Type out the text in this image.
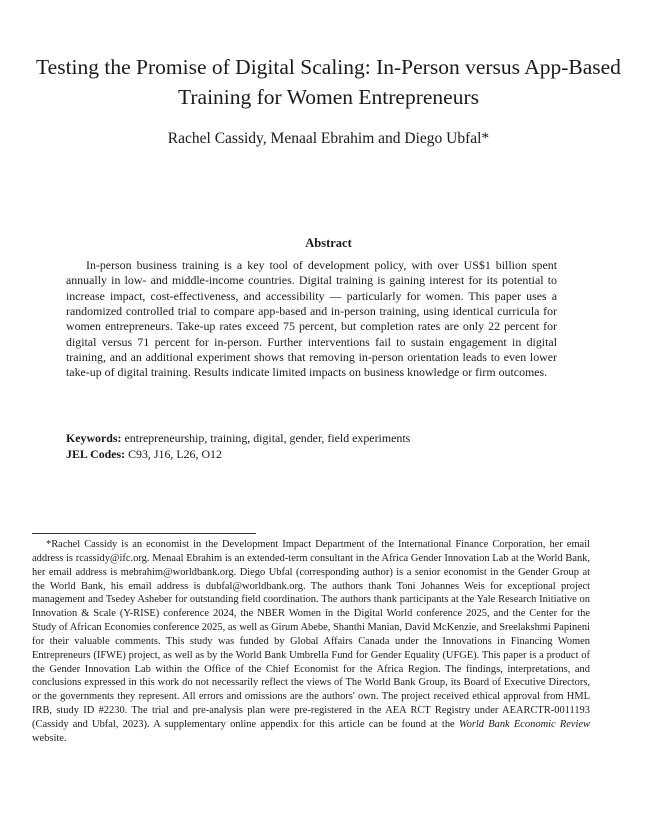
Testing the Promise of Digital Scaling: In-Person versus App-Based Training for Women Entrepreneurs
Rachel Cassidy, Menaal Ebrahim and Diego Ubfal*
Abstract

In-person business training is a key tool of development policy, with over US$1 billion spent annually in low- and middle-income countries. Digital training is gaining interest for its potential to increase impact, cost-effectiveness, and accessibility — particularly for women. This paper uses a randomized controlled trial to compare app-based and in-person training, using identical curricula for women entrepreneurs. Take-up rates exceed 75 percent, but completion rates are only 22 percent for digital versus 71 percent for in-person. Further interventions fail to sustain engagement in digital training, and an additional experiment shows that removing in-person orientation leads to even lower take-up of digital training. Results indicate limited impacts on business knowledge or firm outcomes.

Keywords: entrepreneurship, training, digital, gender, field experiments
JEL Codes: C93, J16, L26, O12

*Rachel Cassidy is an economist in the Development Impact Department of the International Finance Corporation, her email address is rcassidy@ifc.org. Menaal Ebrahim is an extended-term consultant in the Africa Gender Innovation Lab at the World Bank, her email address is mebrahim@worldbank.org. Diego Ubfal (corresponding author) is a senior economist in the Gender Group at the World Bank, his email address is dubfal@worldbank.org. The authors thank Toni Johannes Weis for exceptional project management and Tsedey Asheber for outstanding field coordination. The authors thank participants at the Yale Research Initiative on Innovation & Scale (Y-RISE) conference 2024, the NBER Women in the Digital World conference 2025, and the Center for the Study of African Economies conference 2025, as well as Girum Abebe, Shanthi Manian, David McKenzie, and Sreelakshmi Papineni for their valuable comments. This study was funded by Global Affairs Canada under the Innovations in Financing Women Entrepreneurs (IFWE) project, as well as by the World Bank Umbrella Fund for Gender Equality (UFGE). This paper is a product of the Gender Innovation Lab within the Office of the Chief Economist for the Africa Region. The findings, interpretations, and conclusions expressed in this work do not necessarily reflect the views of The World Bank Group, its Board of Executive Directors, or the governments they represent. All errors and omissions are the authors' own. The project received ethical approval from HML IRB, study ID #2230. The trial and pre-analysis plan were pre-registered in the AEA RCT Registry under AEARCTR-0011193 (Cassidy and Ubfal, 2023). A supplementary online appendix for this article can be found at the World Bank Economic Review website.
